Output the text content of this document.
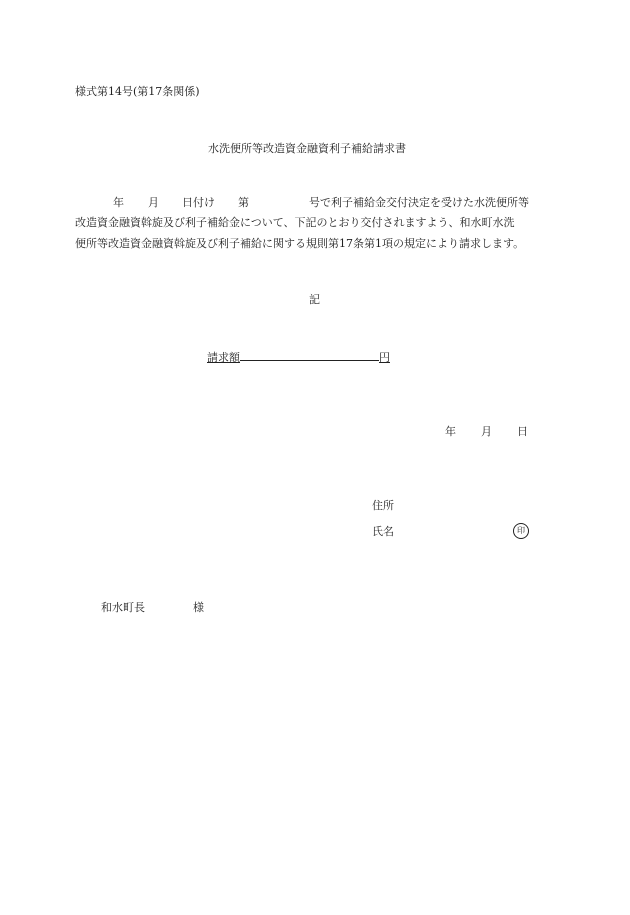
様式第14号(第17条関係)
水洗便所等改造資金融資利子補給請求書
年 月 日付け 第	号で利子補給金交付決定を受けた水洗便所等
改造資金融資斡旋及び利子補給金について、下記のとおり交付されますよう、和水町水洗
便所等改造資金融資斡旋及び利子補給に関する規則第17条第1項の規定により請求します。
記
請求額	円
年 月 日
住所
氏名	印
和水町長	様
